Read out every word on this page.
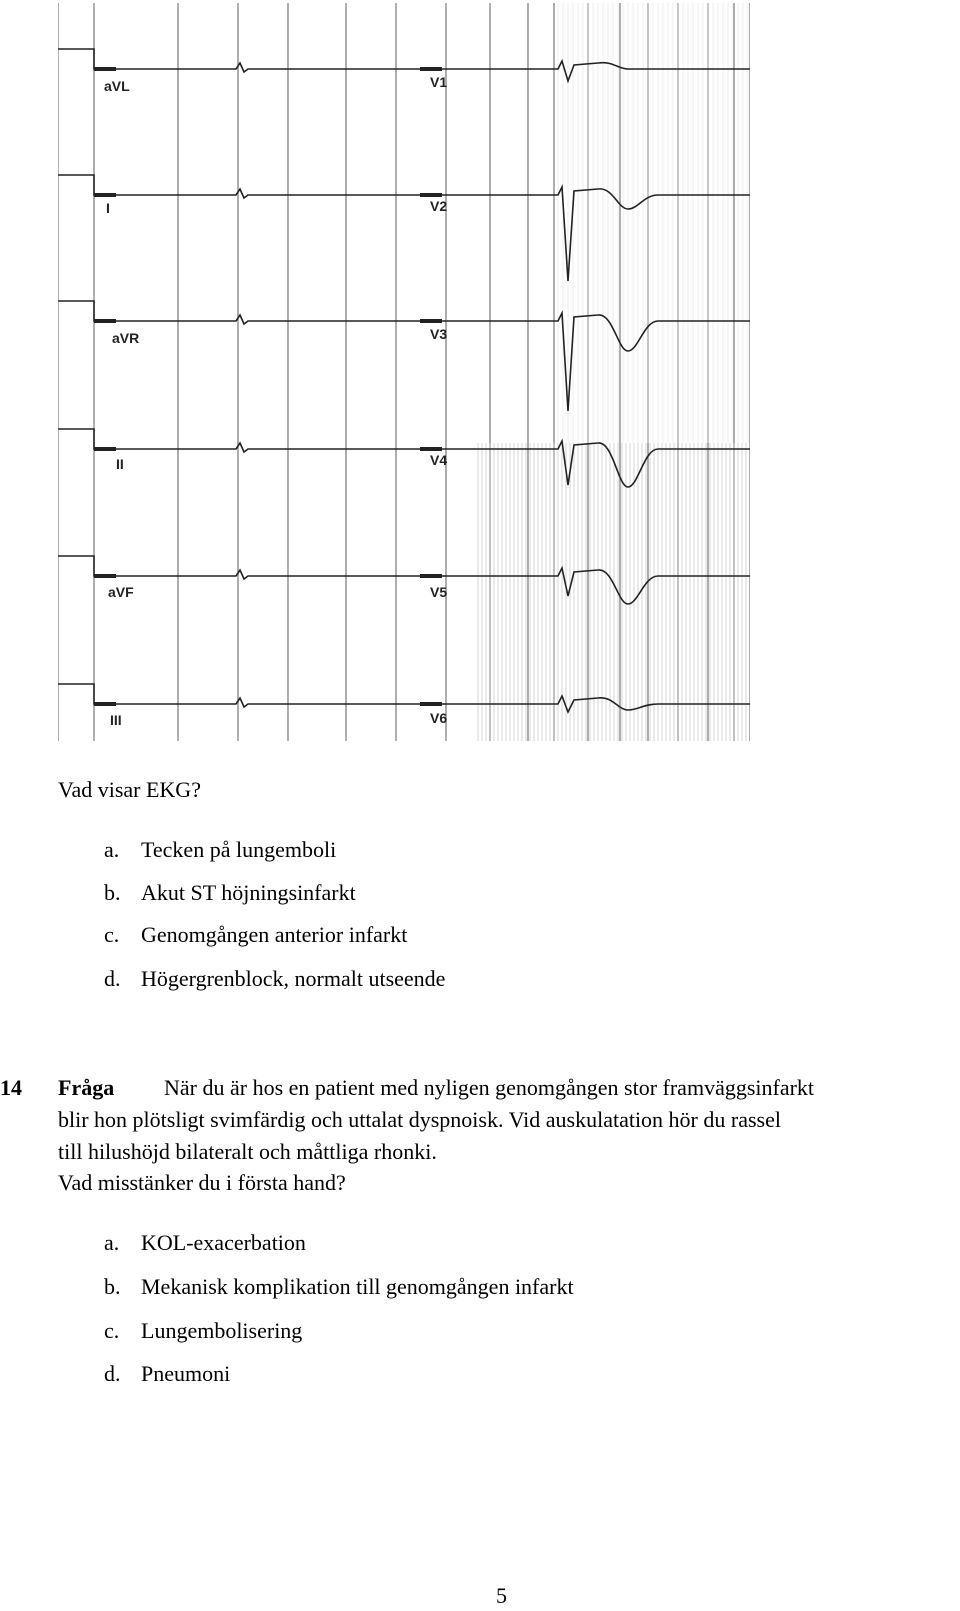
aVL	V1
I	V2
aVR	V3
II	V4
aVF	V5
III	V6
Vad visar EKG?
a. Tecken på lungemboli
b. Akut ST höjningsinfarkt
c. Genomgången anterior infarkt
d. Högergrenblock, normalt utseende
14 Fråga När du är hos en patient med nyligen genomgången stor framväggsinfarkt
blir hon plötsligt svimfärdig och uttalat dyspnoisk. Vid auskulatation hör du rassel
till hilushöjd bilateralt och måttliga rhonki.
Vad misstänker du i första hand?
a. KOL-exacerbation
b. Mekanisk komplikation till genomgången infarkt
c. Lungembolisering
d. Pneumoni
5
